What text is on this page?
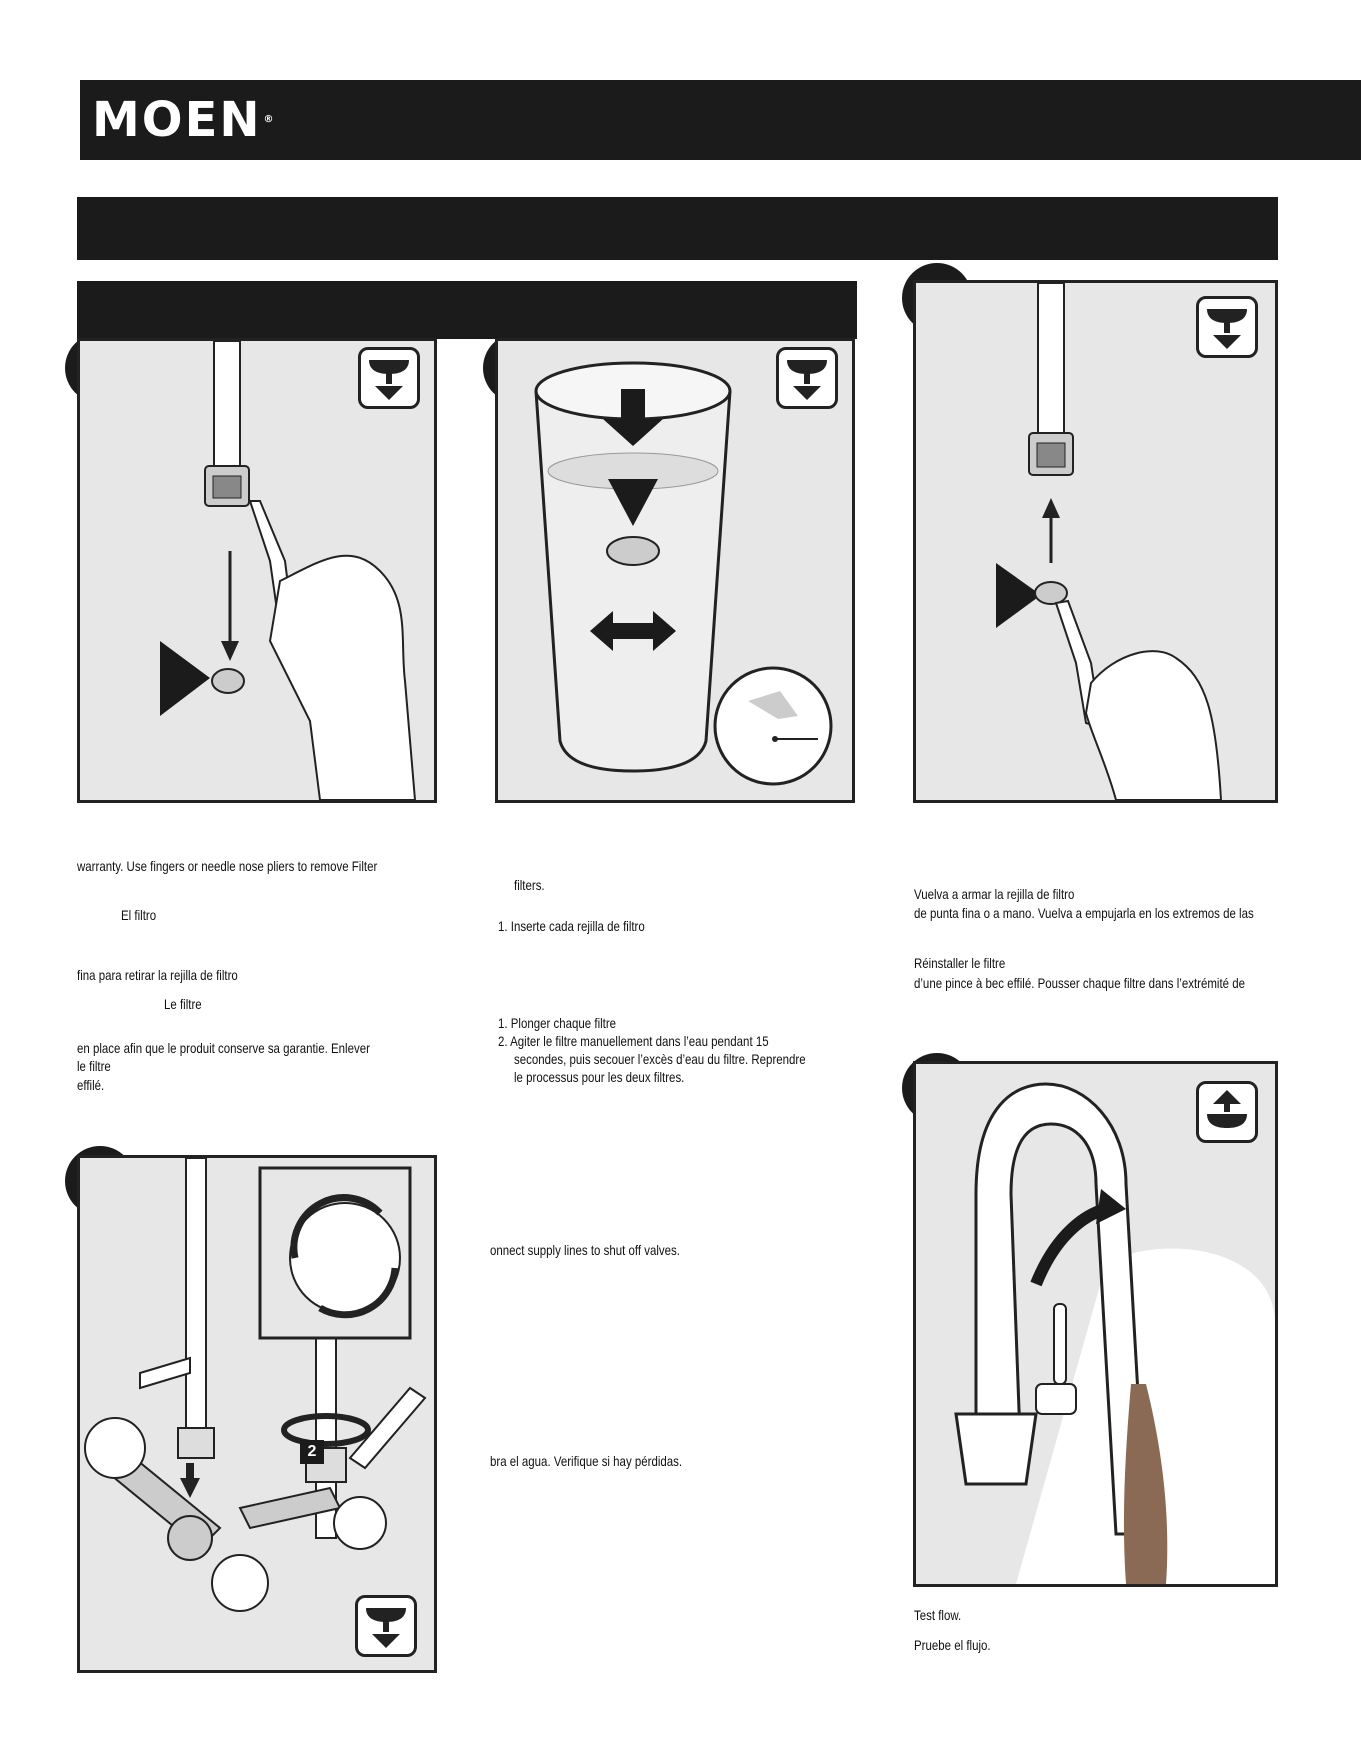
MOEN ®
warranty. Use fingers or needle nose pliers to remove Filter
El filtro
fina para retirar la rejilla de filtro
Le filtre
en place afin que le produit conserve sa garantie. Enlever
le filtre
effilé.
filters.
1. Inserte cada rejilla de filtro
1. Plonger chaque filtre
2. Agiter le filtre manuellement dans l’eau pendant 15
secondes, puis secouer l’excès d’eau du filtre. Reprendre
le processus pour les deux filtres.
Vuelva a armar la rejilla de filtro
de punta fina o a mano. Vuelva a empujarla en los extremos de las
Réinstaller le filtre
d’une pince à bec effilé. Pousser chaque filtre dans l’extrémité de
2
onnect supply lines to shut off valves.
bra el agua. Verifique si hay pérdidas.
Test flow.
Pruebe el flujo.
